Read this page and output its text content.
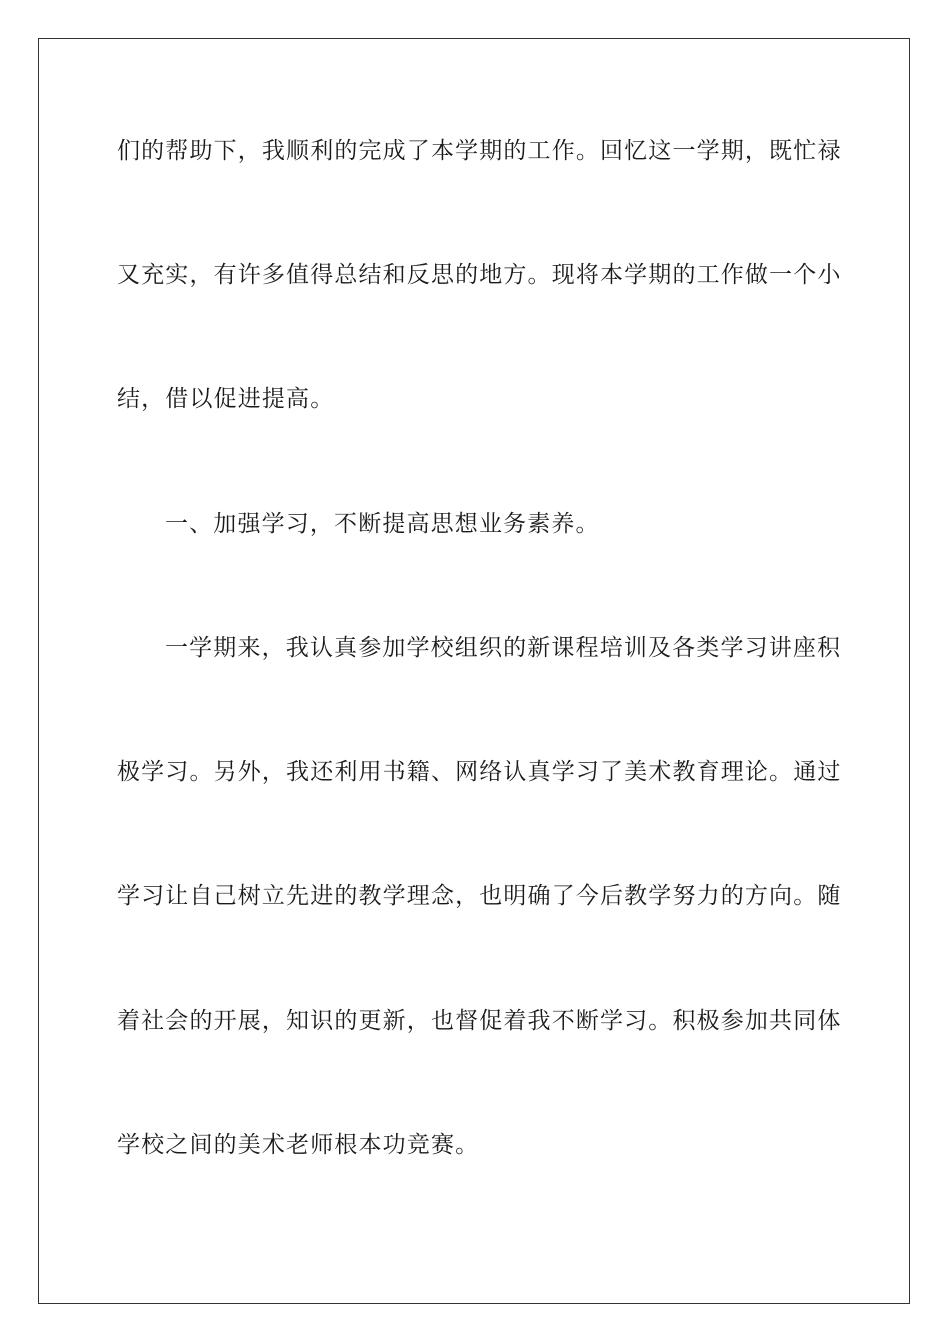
们的帮助下，我顺利的完成了本学期的工作。回忆这一学期，既忙禄
又充实，有许多值得总结和反思的地方。现将本学期的工作做一个小
结，借以促进提高。
一、加强学习，不断提高思想业务素养。
一学期来，我认真参加学校组织的新课程培训及各类学习讲座积
极学习。另外，我还利用书籍、网络认真学习了美术教育理论。通过
学习让自己树立先进的教学理念，也明确了今后教学努力的方向。随
着社会的开展，知识的更新，也督促着我不断学习。积极参加共同体
学校之间的美术老师根本功竞赛。
